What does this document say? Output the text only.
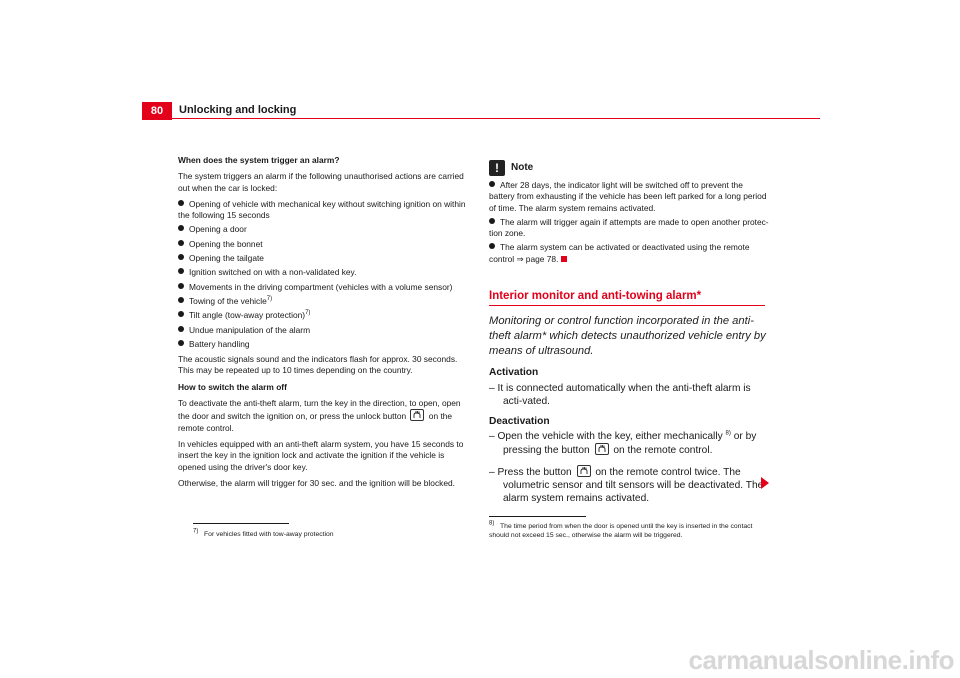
80	Unlocking and locking

When does the system trigger an alarm?

The system triggers an alarm if the following unauthorised actions are carried out when the car is locked:

Opening of vehicle with mechanical key without switching ignition on within the following 15 seconds
Opening a door
Opening the bonnet
Opening the tailgate
Ignition switched on with a non-validated key.
Movements in the driving compartment (vehicles with a volume sensor)
Towing of the vehicle$^{7)}$
Tilt angle (tow-away protection)$^{7)}$
Undue manipulation of the alarm
Battery handling

The acoustic signals sound and the indicators flash for approx. 30 seconds. This may be repeated up to 10 times depending on the country.

How to switch the alarm off

To deactivate the anti-theft alarm, turn the key in the direction, to open, open the door and switch the ignition on, or press the unlock button	on the remote control.

In vehicles equipped with an anti-theft alarm system, you have 15 seconds to insert the key in the ignition lock and activate the ignition if the vehicle is opened using the driver's door key.

Otherwise, the alarm will trigger for 30 sec. and the ignition will be blocked.

$^{7)}$ For vehicles fitted with tow-away protection
!	Note
After 28 days, the indicator light will be switched off to prevent the battery from exhausting if the vehicle has been left parked for a long period of time. The alarm system remains activated.
The alarm will trigger again if attempts are made to open another protec-tion zone.
The alarm system can be activated or deactivated using the remote control ⇒ page 78.
Interior monitor and anti-towing alarm*
Monitoring or control function incorporated in the anti-theft alarm* which detects unauthorized vehicle entry by means of ultrasound.
Activation
– It is connected automatically when the anti-theft alarm is acti-vated.
Deactivation
– Open the vehicle with the key, either mechanically $^{8)}$ or by pressing the button on the remote control.
– Press the button on the remote control twice. The volumetric sensor and tilt sensors will be deactivated. The alarm system remains activated.
$^{8)}$ The time period from when the door is opened until the key is inserted in the contact should not exceed 15 sec., otherwise the alarm will be triggered.
carmanualsonline.info
